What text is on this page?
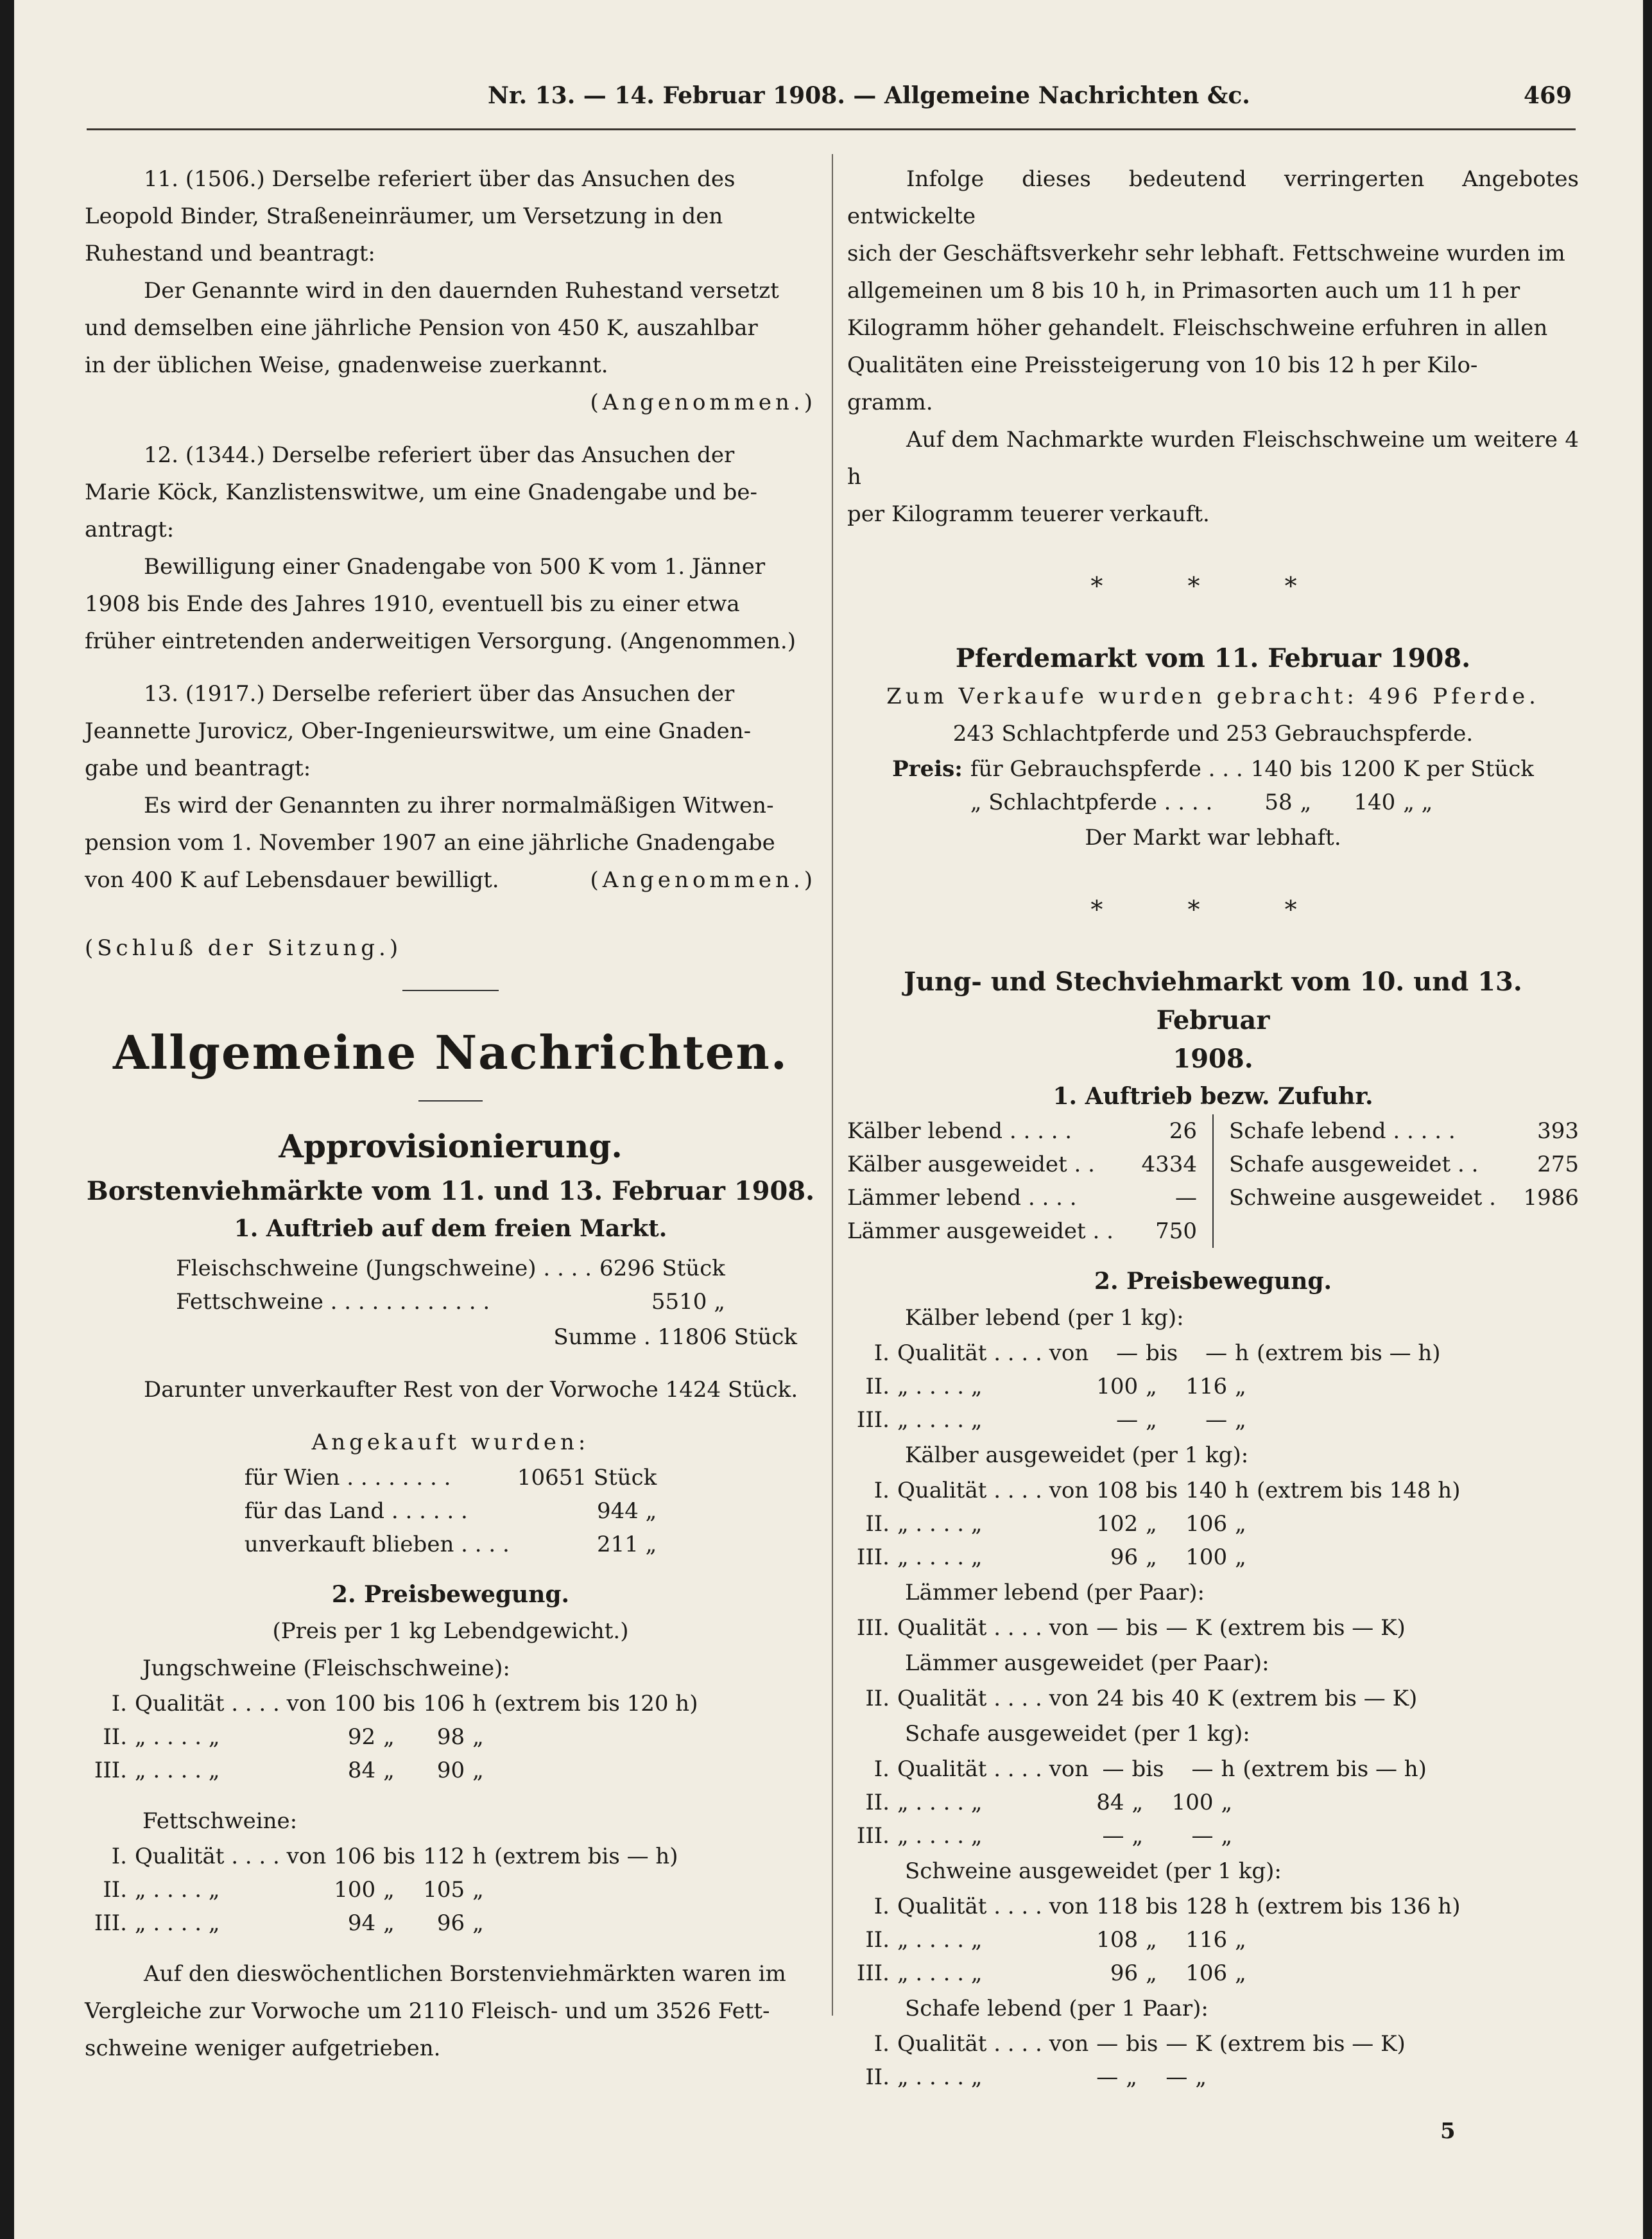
Nr. 13. — 14. Februar 1908. — Allgemeine Nachrichten &c.	469

11. (1506.) Derselbe referiert über das Ansuchen des

Leopold Binder, Straßeneinräumer, um Versetzung in den

Ruhestand und beantragt:

Der Genannte wird in den dauernden Ruhestand versetzt

und demselben eine jährliche Pension von 450 K, auszahlbar

in der üblichen Weise, gnadenweise zuerkannt.

(Angenommen.)

12. (1344.) Derselbe referiert über das Ansuchen der

Marie Köck, Kanzlistenswitwe, um eine Gnadengabe und be-

antragt:

Bewilligung einer Gnadengabe von 500 K vom 1. Jänner

1908 bis Ende des Jahres 1910, eventuell bis zu einer etwa

früher eintretenden anderweitigen Versorgung. (Angenommen.)

13. (1917.) Derselbe referiert über das Ansuchen der

Jeannette Jurovicz, Ober-Ingenieurswitwe, um eine Gnaden-

gabe und beantragt:

Es wird der Genannten zu ihrer normalmäßigen Witwen-

pension vom 1. November 1907 an eine jährliche Gnadengabe

von 400 K auf Lebensdauer bewilligt.	(Angenommen.)

(Schluß der Sitzung.)

Allgemeine Nachrichten.
Approvisionierung.
Borstenviehmärkte vom 11. und 13. Februar 1908.
1. Auftrieb auf dem freien Markt.
Fleischschweine (Jungschweine) . . . .	6296 Stück
Fettschweine . . . . . . . . . . . .	5510 „

Summe . 11806 Stück

Darunter unverkaufter Rest von der Vorwoche 1424 Stück.

Angekauft wurden:

für Wien . . . . . . . .	10651 Stück
für das Land . . . . . .	944 „
unverkauft blieben . . . .	211 „
2. Preisbewegung.

(Preis per 1 kg Lebendgewicht.)

Jungschweine (Fleischschweine):

I.	Qualität . . . . von	100	bis	106	h	(extrem bis 120 h)
II.	„ . . . . „	92	„	98	„	
III.	„ . . . . „	84	„	90	„	

Fettschweine:

I.	Qualität . . . . von	106	bis	112	h	(extrem bis — h)
II.	„ . . . . „	100	„	105	„	
III.	„ . . . . „	94	„	96	„	

Auf den dieswöchentlichen Borstenviehmärkten waren im

Vergleiche zur Vorwoche um 2110 Fleisch- und um 3526 Fett-

schweine weniger aufgetrieben.

Infolge dieses bedeutend verringerten Angebotes entwickelte

sich der Geschäftsverkehr sehr lebhaft. Fettschweine wurden im

allgemeinen um 8 bis 10 h, in Primasorten auch um 11 h per

Kilogramm höher gehandelt. Fleischschweine erfuhren in allen

Qualitäten eine Preissteigerung von 10 bis 12 h per Kilo-

gramm.

Auf dem Nachmarkte wurden Fleischschweine um weitere 4 h

per Kilogramm teuerer verkauft.

* * *
Pferdemarkt vom 11. Februar 1908.

Zum Verkaufe wurden gebracht: 496 Pferde.

243 Schlachtpferde und 253 Gebrauchspferde.

Preis:	für Gebrauchspferde . . .	140	bis	1200	K per Stück
	„ Schlachtpferde . . . .	58	„	140	„ „

Der Markt war lebhaft.

* * *
Jung- und Stechviehmarkt vom 10. und 13. Februar
1908.
1. Auftrieb bezw. Zufuhr.
Kälber lebend . . . . .	26
Kälber ausgeweidet . . 4334
Lämmer lebend . . . .	—
Lämmer ausgeweidet . . 750
Schafe lebend . . . . .	393
Schafe ausgeweidet . .	275
Schweine ausgeweidet . 1986
2. Preisbewegung.

Kälber lebend (per 1 kg):

I.	Qualität . . . . von	—	bis	—	h	(extrem bis — h)
II.	„ . . . . „	100	„	116	„	
III.	„ . . . . „	—	„	—	„	

Kälber ausgeweidet (per 1 kg):

I.	Qualität . . . . von	108	bis	140	h	(extrem bis 148 h)
II.	„ . . . . „	102	„	106	„	
III.	„ . . . . „	96	„	100	„	

Lämmer lebend (per Paar):

III.	Qualität . . . . von	—	bis	—	K	(extrem bis — K)

Lämmer ausgeweidet (per Paar):

II.	Qualität . . . . von	24	bis	40	K	(extrem bis — K)

Schafe ausgeweidet (per 1 kg):

I.	Qualität . . . . von	—	bis	—	h	(extrem bis — h)
II.	„ . . . . „	84	„	100	„	
III.	„ . . . . „	—	„	—	„	

Schweine ausgeweidet (per 1 kg):

I.	Qualität . . . . von	118	bis	128	h	(extrem bis 136 h)
II.	„ . . . . „	108	„	116	„	
III.	„ . . . . „	96	„	106	„	

Schafe lebend (per 1 Paar):

I.	Qualität . . . . von	—	bis	—	K	(extrem bis — K)
II.	„ . . . . „	—	„	—	„	
5
